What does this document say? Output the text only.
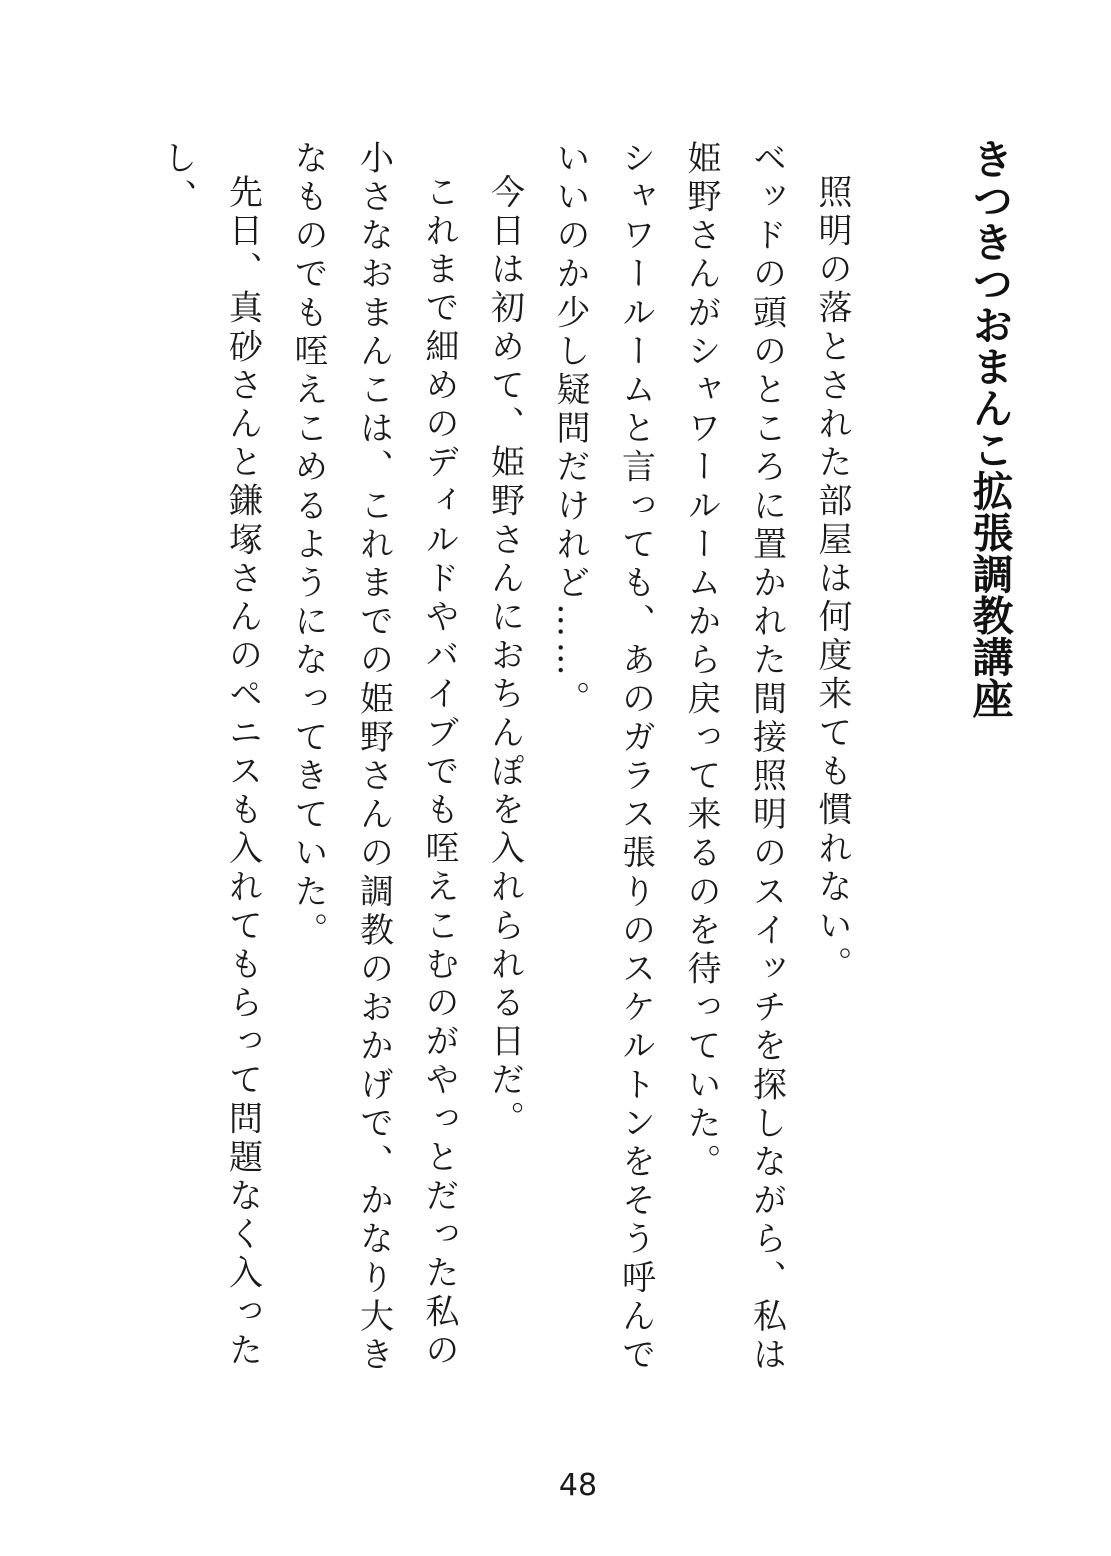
きつきつおまんこ拡張調教講座

照明の落とされた部屋は何度来ても慣れない。

ベッドの頭のところに置かれた間接照明のスイッチを探しながら、私は姫野さんがシャワールームから戻って来るのを待っていた。

シャワールームと言っても、あのガラス張りのスケルトンをそう呼んでいいのか少し疑問だけれど……。

今日は初めて、姫野さんにおちんぽを入れられる日だ。

これまで細めのディルドやバイブでも咥えこむのがやっとだった私の小さなおまんこは、これまでの姫野さんの調教のおかげで、かなり大きなものでも咥えこめるようになってきていた。

先日、真砂さんと鎌塚さんのペニスも入れてもらって問題なく入ったし、

48
